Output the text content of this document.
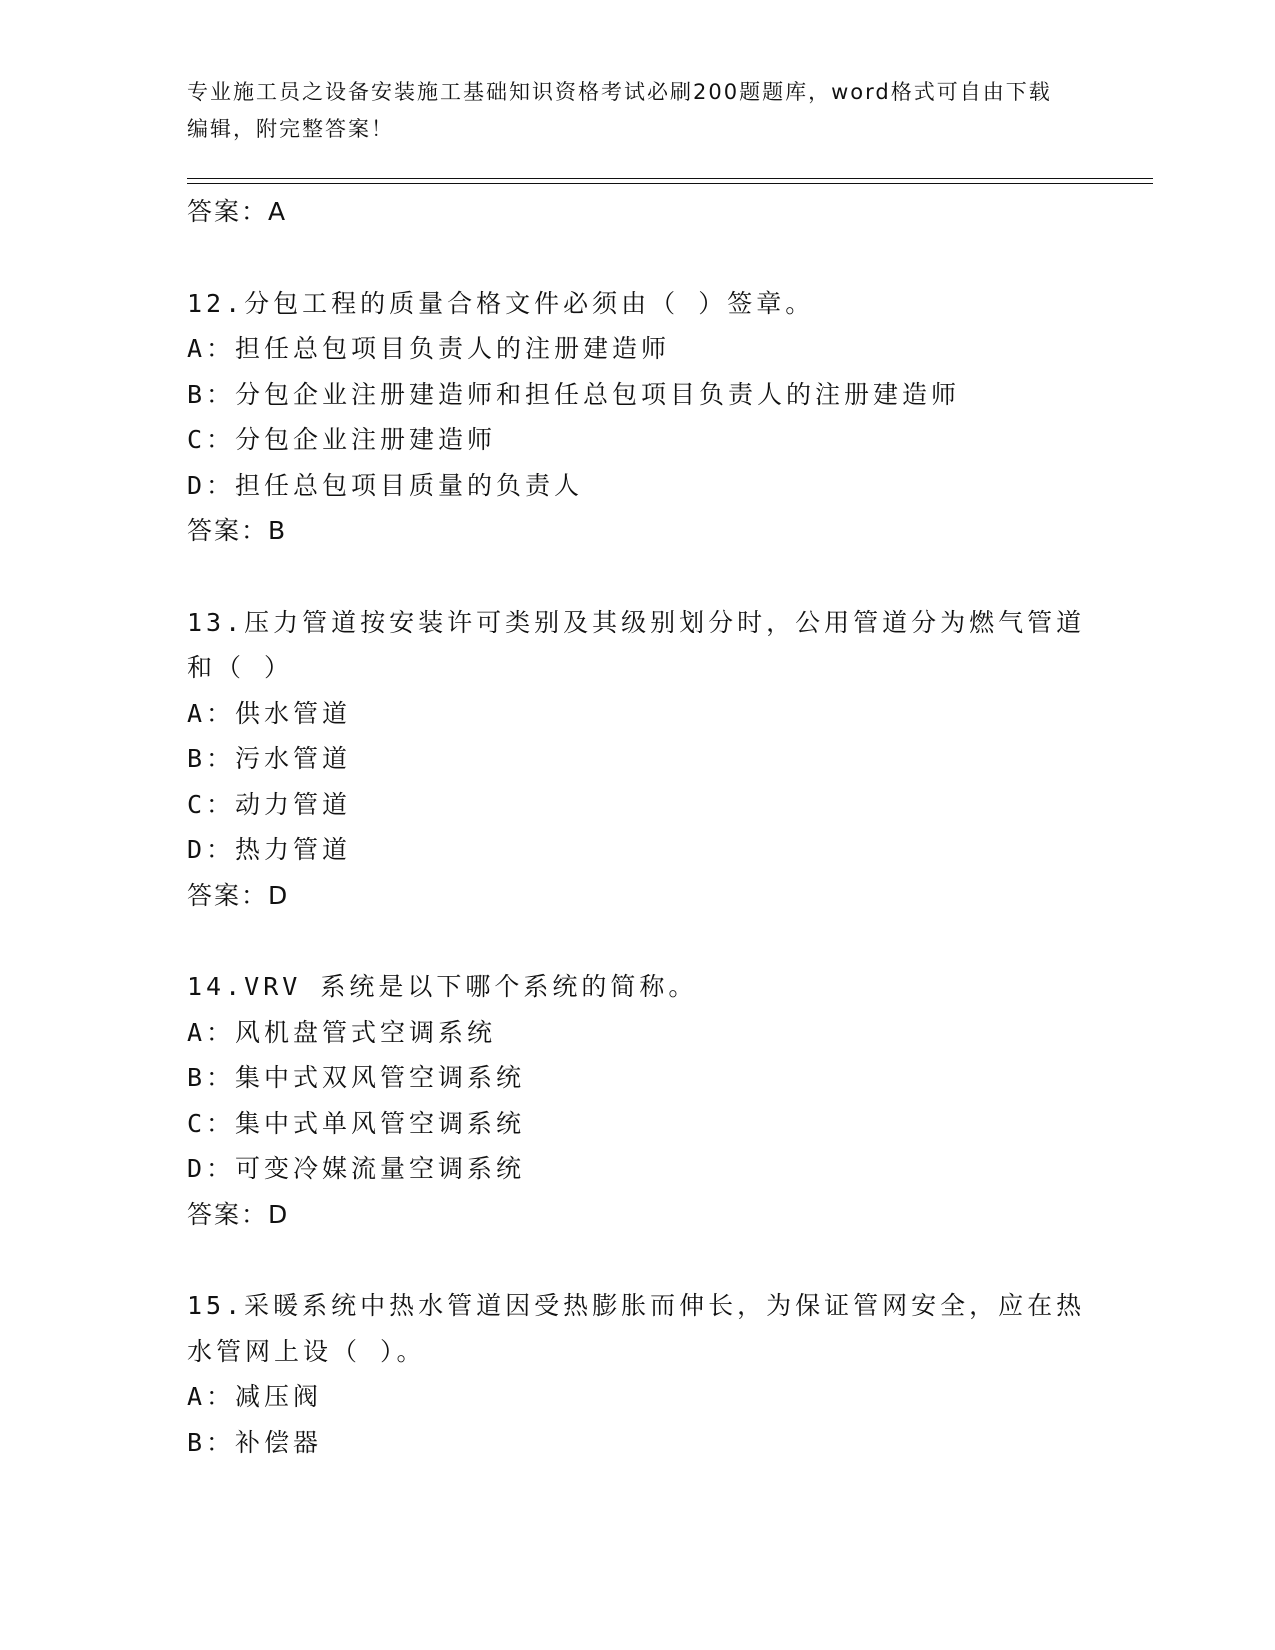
专业施工员之设备安装施工基础知识资格考试必刷200题题库，word格式可自由下载编辑，附完整答案！
答案：A
12.分包工程的质量合格文件必须由（ ）签章。
A：担任总包项目负责人的注册建造师
B：分包企业注册建造师和担任总包项目负责人的注册建造师
C：分包企业注册建造师
D：担任总包项目质量的负责人
答案：B
13.压力管道按安装许可类别及其级别划分时，公用管道分为燃气管道
和（ ）
A：供水管道
B：污水管道
C：动力管道
D：热力管道
答案：D
14.VRV 系统是以下哪个系统的简称。
A：风机盘管式空调系统
B：集中式双风管空调系统
C：集中式单风管空调系统
D：可变冷媒流量空调系统
答案：D
15.采暖系统中热水管道因受热膨胀而伸长，为保证管网安全，应在热
水管网上设（ ）。
A：减压阀
B：补偿器
